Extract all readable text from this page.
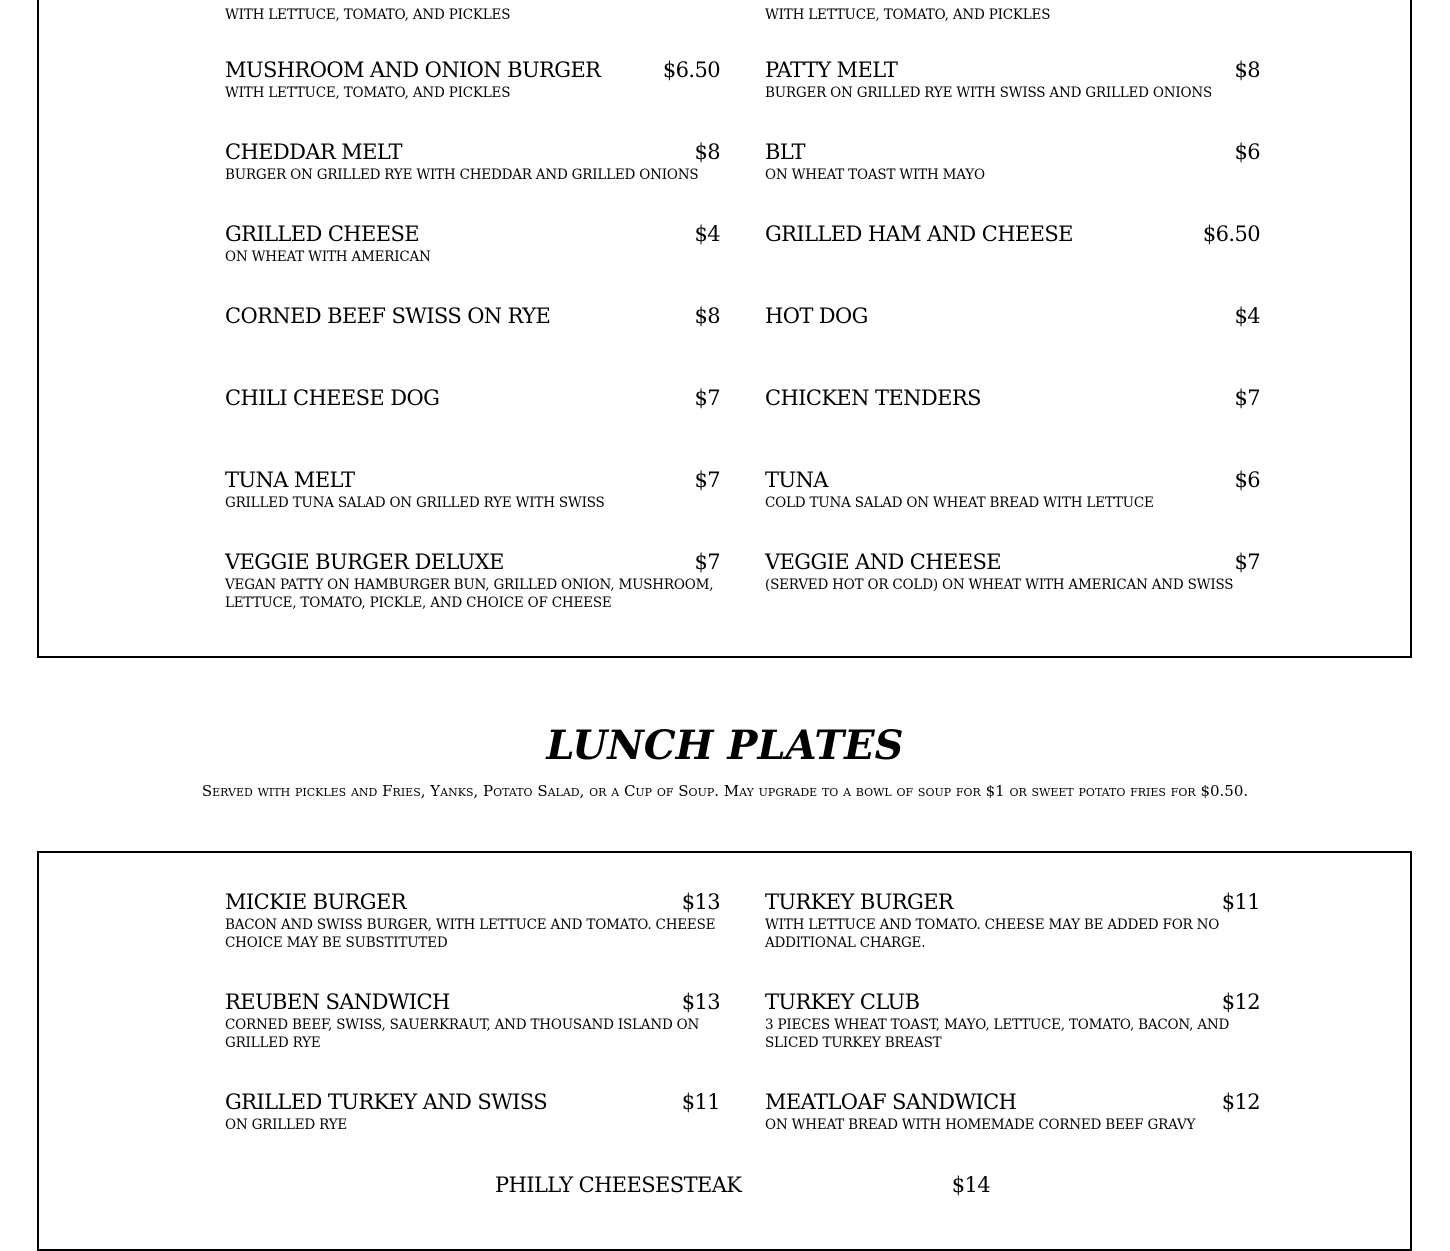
WITH LETTUCE, TOMATO, AND PICKLES	WITH LETTUCE, TOMATO, AND PICKLES
MUSHROOM AND ONION BURGER	$6.50
WITH LETTUCE, TOMATO, AND PICKLES
CHEDDAR MELT	$8
BURGER ON GRILLED RYE WITH CHEDDAR AND GRILLED ONIONS
GRILLED CHEESE	$4
ON WHEAT WITH AMERICAN
CORNED BEEF SWISS ON RYE	$8
CHILI CHEESE DOG	$7
TUNA MELT	$7
GRILLED TUNA SALAD ON GRILLED RYE WITH SWISS
VEGGIE BURGER DELUXE	$7
VEGAN PATTY ON HAMBURGER BUN, GRILLED ONION, MUSHROOM, LETTUCE, TOMATO, PICKLE, AND CHOICE OF CHEESE
PATTY MELT	$8
BURGER ON GRILLED RYE WITH SWISS AND GRILLED ONIONS
BLT	$6
ON WHEAT TOAST WITH MAYO
GRILLED HAM AND CHEESE	$6.50
HOT DOG	$4
CHICKEN TENDERS	$7
TUNA	$6
COLD TUNA SALAD ON WHEAT BREAD WITH LETTUCE
VEGGIE AND CHEESE	$7
(SERVED HOT OR COLD) ON WHEAT WITH AMERICAN AND SWISS
LUNCH PLATES
Served with pickles and Fries, Yanks, Potato Salad, or a Cup of Soup. May upgrade to a bowl of soup for $1 or sweet potato fries for $0.50.
MICKIE BURGER	$13
BACON AND SWISS BURGER, WITH LETTUCE AND TOMATO. CHEESE CHOICE MAY BE SUBSTITUTED
REUBEN SANDWICH	$13
CORNED BEEF, SWISS, SAUERKRAUT, AND THOUSAND ISLAND ON GRILLED RYE
GRILLED TURKEY AND SWISS	$11
ON GRILLED RYE
TURKEY BURGER	$11
WITH LETTUCE AND TOMATO. CHEESE MAY BE ADDED FOR NO ADDITIONAL CHARGE.
TURKEY CLUB	$12
3 PIECES WHEAT TOAST, MAYO, LETTUCE, TOMATO, BACON, AND SLICED TURKEY BREAST
MEATLOAF SANDWICH	$12
ON WHEAT BREAD WITH HOMEMADE CORNED BEEF GRAVY
PHILLY CHEESESTEAK	$14
